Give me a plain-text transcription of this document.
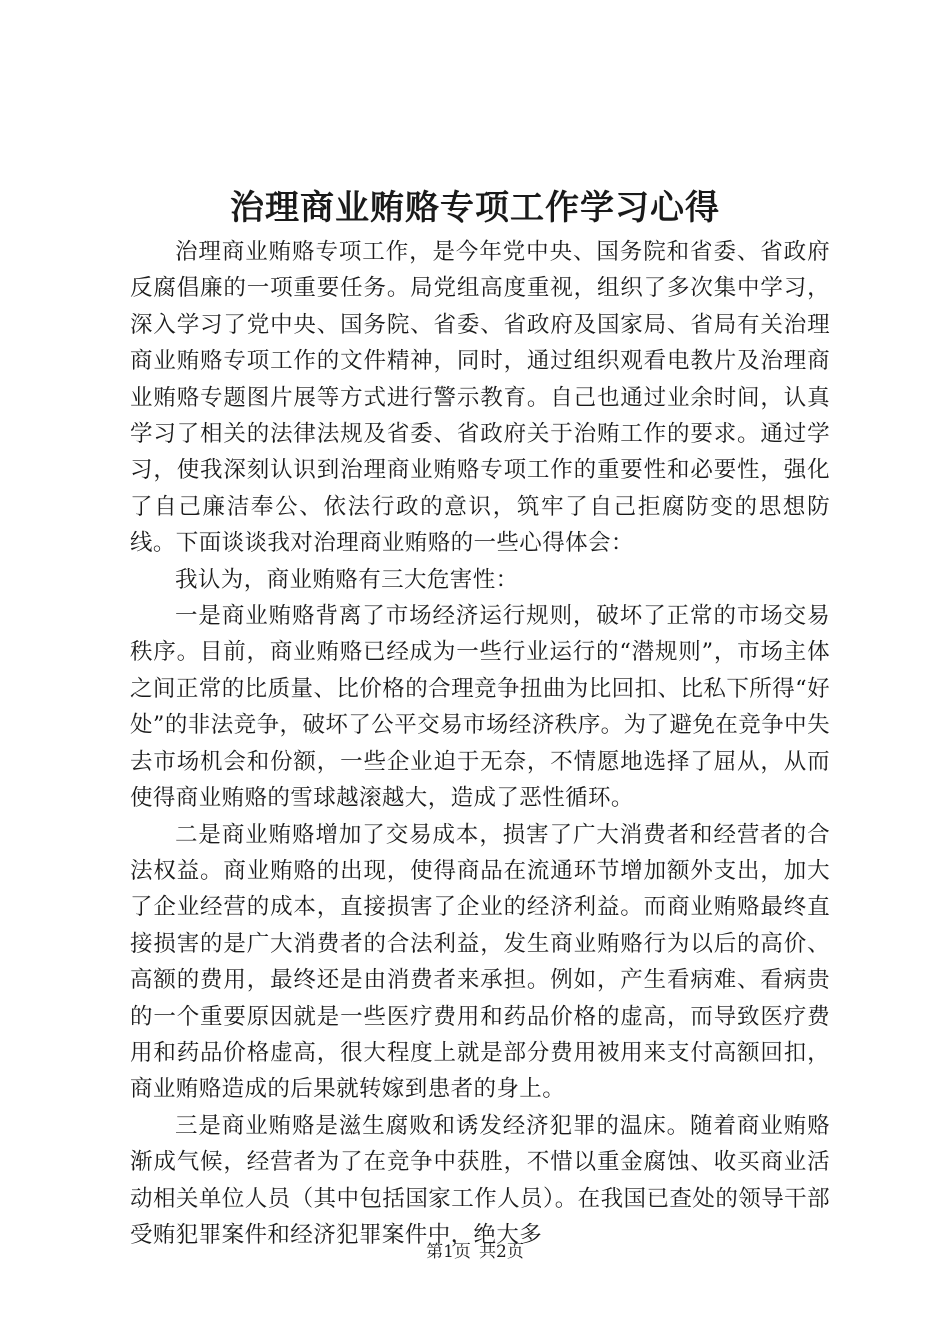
治理商业贿赂专项工作学习心得

治理商业贿赂专项工作，是今年党中央、国务院和省委、省政府反腐倡廉的一项重要任务。局党组高度重视，组织了多次集中学习，深入学习了党中央、国务院、省委、省政府及国家局、省局有关治理商业贿赂专项工作的文件精神，同时，通过组织观看电教片及治理商业贿赂专题图片展等方式进行警示教育。自己也通过业余时间，认真学习了相关的法律法规及省委、省政府关于治贿工作的要求。通过学习，使我深刻认识到治理商业贿赂专项工作的重要性和必要性，强化了自己廉洁奉公、依法行政的意识，筑牢了自己拒腐防变的思想防线。下面谈谈我对治理商业贿赂的一些心得体会：

我认为，商业贿赂有三大危害性：

一是商业贿赂背离了市场经济运行规则，破坏了正常的市场交易秩序。目前，商业贿赂已经成为一些行业运行的“潜规则”，市场主体之间正常的比质量、比价格的合理竞争扭曲为比回扣、比私下所得“好处”的非法竞争，破坏了公平交易市场经济秩序。为了避免在竞争中失去市场机会和份额，一些企业迫于无奈，不情愿地选择了屈从，从而使得商业贿赂的雪球越滚越大，造成了恶性循环。

二是商业贿赂增加了交易成本，损害了广大消费者和经营者的合法权益。商业贿赂的出现，使得商品在流通环节增加额外支出，加大了企业经营的成本，直接损害了企业的经济利益。而商业贿赂最终直接损害的是广大消费者的合法利益，发生商业贿赂行为以后的高价、高额的费用，最终还是由消费者来承担。例如，产生看病难、看病贵的一个重要原因就是一些医疗费用和药品价格的虚高，而导致医疗费用和药品价格虚高，很大程度上就是部分费用被用来支付高额回扣，商业贿赂造成的后果就转嫁到患者的身上。

三是商业贿赂是滋生腐败和诱发经济犯罪的温床。随着商业贿赂渐成气候，经营者为了在竞争中获胜，不惜以重金腐蚀、收买商业活动相关单位人员（其中包括国家工作人员）。在我国已查处的领导干部受贿犯罪案件和经济犯罪案件中，绝大多

第1页 共2页
